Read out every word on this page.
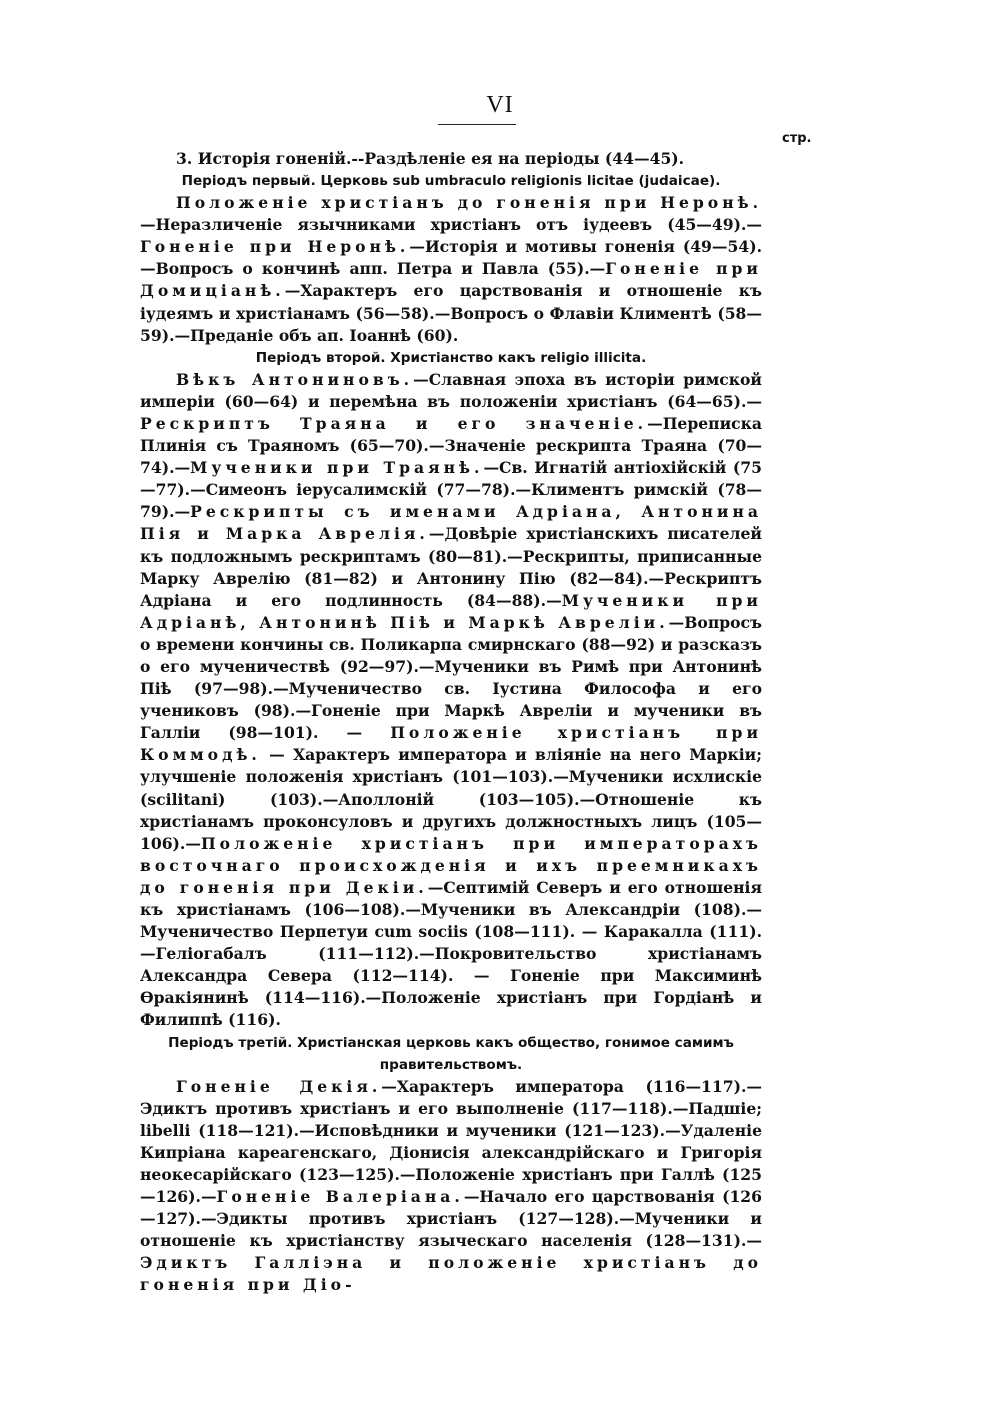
VI
стр.

3. Исторія гоненій.--Раздѣленіе ея на періоды (44—45).

Періодъ первый. Церковь sub umbraculo religionis licitae (judaicae).

Положеніе христіанъ до гоненія при Неронѣ.—Неразличеніе язычниками христіанъ отъ іудеевъ (45—49).—Гоненіе при Неронѣ.—Исторія и мотивы гоненія (49—54).—Вопросъ о кончинѣ апп. Петра и Павла (55).—Гоненіе при Домиціанѣ.—Характеръ его царствованія и отношеніе къ іудеямъ и христіанамъ (56—58).—Вопросъ о Флавіи Климентѣ (58—59).—Преданіе объ ап. Іоаннѣ (60).

Періодъ второй. Христіанство какъ religio illicita.

Вѣкъ Антониновъ.—Славная эпоха въ исторіи римской имперіи (60—64) и перемѣна въ положеніи христіанъ (64—65).—Рескриптъ Траяна и его значеніе.—Переписка Плинія съ Траяномъ (65—70).—Значеніе рескрипта Траяна (70—74).—Мученики при Траянѣ.—Св. Игнатій антіохійскій (75—77).—Симеонъ іерусалимскій (77—78).—Климентъ римскій (78—79).—Рескрипты съ именами Адріана, Антонина Пія и Марка Аврелія.—Довѣріе христіанскихъ писателей къ подложнымъ рескриптамъ (80—81).—Рескрипты, приписанные Марку Аврелію (81—82) и Антонину Пію (82—84).—Рескриптъ Адріана и его подлинность (84—88).—Мученики при Адріанѣ, Антонинѣ Піѣ и Маркѣ Авреліи.—Вопросъ о времени кончины св. Поликарпа смирнскаго (88—92) и разсказъ о его мученичествѣ (92—97).—Мученики въ Римѣ при Антонинѣ Піѣ (97—98).—Мученичество св. Іустина Философа и его учениковъ (98).—Гоненіе при Маркѣ Авреліи и мученики въ Галліи (98—101). — Положеніе христіанъ при Коммодѣ. — Характеръ императора и вліяніе на него Маркіи; улучшеніе положенія христіанъ (101—103).—Мученики исхлискіе (scilitani) (103).—Аполлоній (103—105).—Отношеніе къ христіанамъ проконсуловъ и другихъ должностныхъ лицъ (105—106).—Положеніе христіанъ при императорахъ восточнаго происхожденія и ихъ преемникахъ до гоненія при Декіи.—Септимій Северъ и его отношенія къ христіанамъ (106—108).—Мученики въ Александріи (108).—Мученичество Перпетуи cum sociis (108—111). — Каракалла (111).—Геліогабалъ (111—112).—Покровительство христіанамъ Александра Севера (112—114). — Гоненіе при Максиминѣ Ѳракіянинѣ (114—116).—Положеніе христіанъ при Гордіанѣ и Филиппѣ (116).

Періодъ третій. Христіанская церковь какъ общество, гонимое самимъ правительствомъ.

Гоненіе Декія.—Характеръ императора (116—117).—Эдиктъ противъ христіанъ и его выполненіе (117—118).—Падшіе; libelli (118—121).—Исповѣдники и мученики (121—123).—Удаленіе Кипріана кареагенскаго, Діонисія александрійскаго и Григорія неокесарійскаго (123—125).—Положеніе христіанъ при Галлѣ (125—126).—Гоненіе Валеріана.—Начало его царствованія (126—127).—Эдикты противъ христіанъ (127—128).—Мученики и отношеніе къ христіанству языческаго населенія (128—131).—Эдиктъ Галліэна и положеніе христіанъ до гоненія при Діо-
